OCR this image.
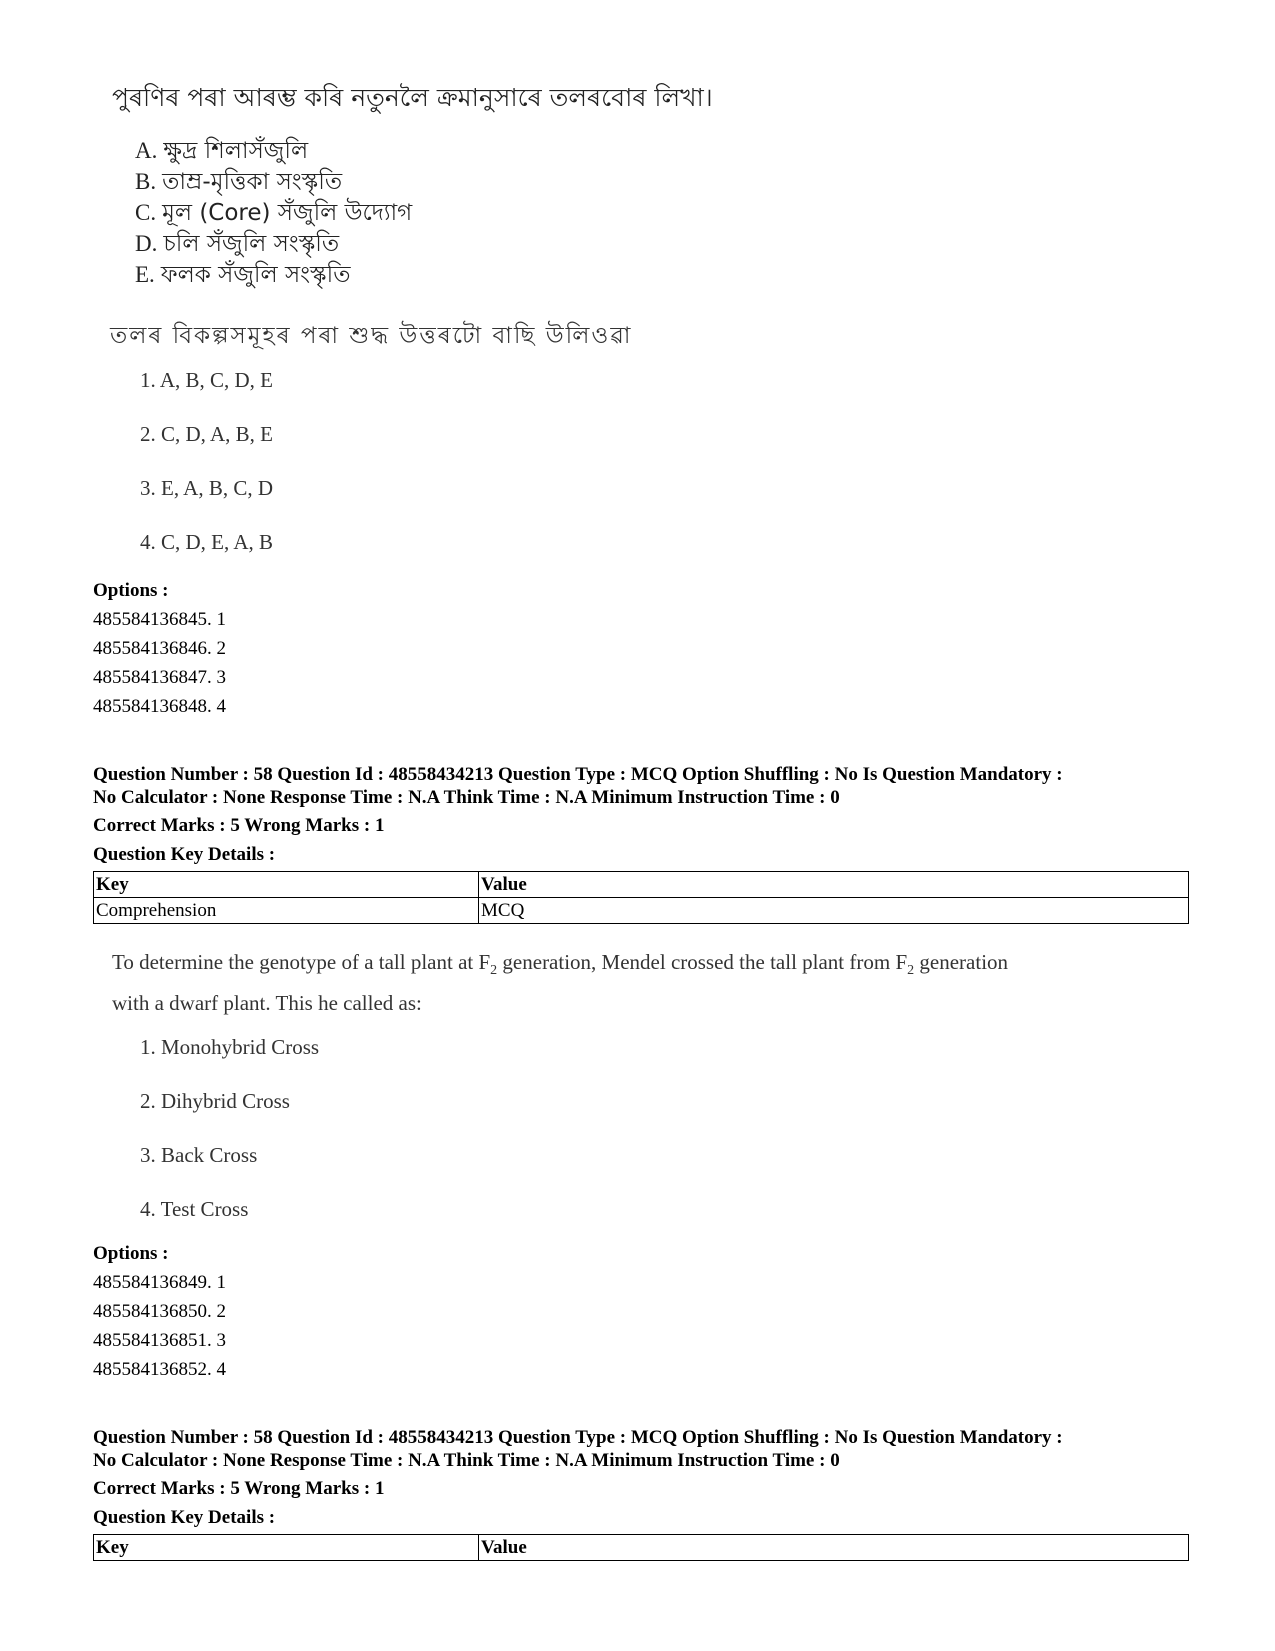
পুৰণিৰ পৰা আৰম্ভ কৰি নতুনলৈ ক্ৰমানুসাৰে তলৰবোৰ লিখা।
A. ক্ষুদ্ৰ শিলাসঁজুলি
B. তাম্ৰ-মৃত্তিকা সংস্কৃতি
C. মূল (Core) সঁজুলি উদ্যোগ
D. চলি সঁজুলি সংস্কৃতি
E. ফলক সঁজুলি সংস্কৃতি
তলৰ বিকল্পসমূহৰ পৰা শুদ্ধ উত্তৰটো বাছি উলিওৱা
1. A, B, C, D, E
2. C, D, A, B, E
3. E, A, B, C, D
4. C, D, E, A, B
Options :
485584136845. 1
485584136846. 2
485584136847. 3
485584136848. 4
Question Number : 58 Question Id : 48558434213 Question Type : MCQ Option Shuffling : No Is Question Mandatory :
No Calculator : None Response Time : N.A Think Time : N.A Minimum Instruction Time : 0
Correct Marks : 5 Wrong Marks : 1
Question Key Details :
Key	Value
Comprehension	MCQ
To determine the genotype of a tall plant at $F_2$ generation, Mendel crossed the tall plant from $F_2$ generation
with a dwarf plant. This he called as:
1. Monohybrid Cross
2. Dihybrid Cross
3. Back Cross
4. Test Cross
Options :
485584136849. 1
485584136850. 2
485584136851. 3
485584136852. 4
Question Number : 58 Question Id : 48558434213 Question Type : MCQ Option Shuffling : No Is Question Mandatory :
No Calculator : None Response Time : N.A Think Time : N.A Minimum Instruction Time : 0
Correct Marks : 5 Wrong Marks : 1
Question Key Details :
Key	Value
